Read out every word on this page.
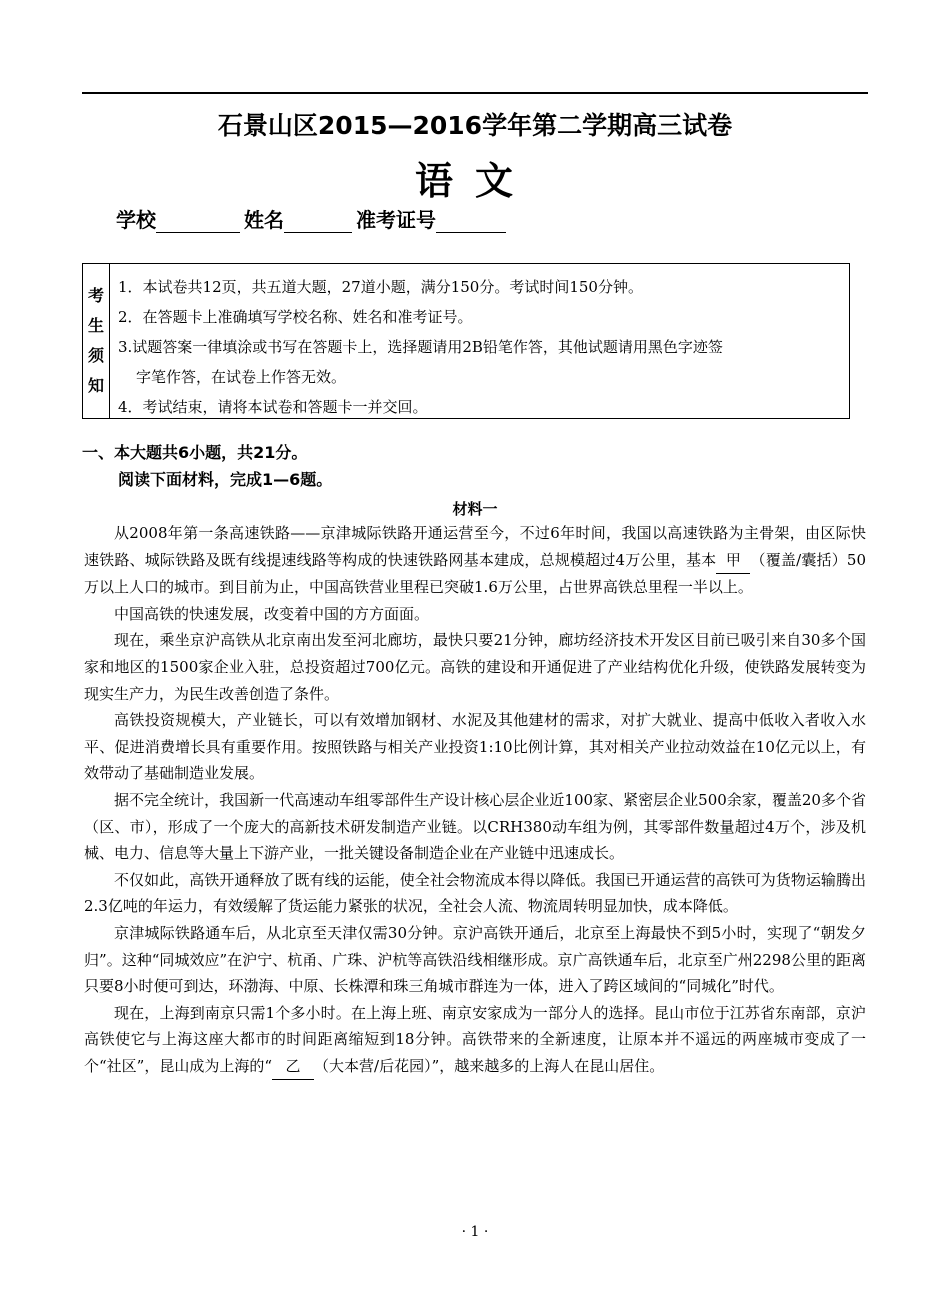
石景山区2015—2016学年第二学期高三试卷
语文
学校	姓名	准考证号
考
生
须
知
1．本试卷共12页，共五道大题，27道小题，满分150分。考试时间150分钟。
2．在答题卡上准确填写学校名称、姓名和准考证号。
3.试题答案一律填涂或书写在答题卡上，选择题请用2B铅笔作答，其他试题请用黑色字迹签
字笔作答，在试卷上作答无效。
4．考试结束，请将本试卷和答题卡一并交回。
一、本大题共6小题，共21分。
阅读下面材料，完成1—6题。
材料一

从2008年第一条高速铁路——京津城际铁路开通运营至今，不过6年时间，我国以高速铁路为主骨架，由区际快速铁路、城际铁路及既有线提速线路等构成的快速铁路网基本建成，总规模超过4万公里，基本 甲 （覆盖/囊括）50万以上人口的城市。到目前为止，中国高铁营业里程已突破1.6万公里，占世界高铁总里程一半以上。

中国高铁的快速发展，改变着中国的方方面面。

现在，乘坐京沪高铁从北京南出发至河北廊坊，最快只要21分钟，廊坊经济技术开发区目前已吸引来自30多个国家和地区的1500家企业入驻，总投资超过700亿元。高铁的建设和开通促进了产业结构优化升级，使铁路发展转变为现实生产力，为民生改善创造了条件。

高铁投资规模大，产业链长，可以有效增加钢材、水泥及其他建材的需求，对扩大就业、提高中低收入者收入水平、促进消费增长具有重要作用。按照铁路与相关产业投资1:10比例计算，其对相关产业拉动效益在10亿元以上，有效带动了基础制造业发展。

据不完全统计，我国新一代高速动车组零部件生产设计核心层企业近100家、紧密层企业500余家，覆盖20多个省（区、市），形成了一个庞大的高新技术研发制造产业链。以CRH380动车组为例，其零部件数量超过4万个，涉及机械、电力、信息等大量上下游产业，一批关键设备制造企业在产业链中迅速成长。

不仅如此，高铁开通释放了既有线的运能，使全社会物流成本得以降低。我国已开通运营的高铁可为货物运输腾出2.3亿吨的年运力，有效缓解了货运能力紧张的状况，全社会人流、物流周转明显加快，成本降低。

京津城际铁路通车后，从北京至天津仅需30分钟。京沪高铁开通后，北京至上海最快不到5小时，实现了“朝发夕归”。这种“同城效应”在沪宁、杭甬、广珠、沪杭等高铁沿线相继形成。京广高铁通车后，北京至广州2298公里的距离只要8小时便可到达，环渤海、中原、长株潭和珠三角城市群连为一体，进入了跨区域间的“同城化”时代。

现在，上海到南京只需1个多小时。在上海上班、南京安家成为一部分人的选择。昆山市位于江苏省东南部，京沪高铁使它与上海这座大都市的时间距离缩短到18分钟。高铁带来的全新速度，让原本并不遥远的两座城市变成了一个“社区”，昆山成为上海的“ 乙 （大本营/后花园）”，越来越多的上海人在昆山居住。

· 1 ·
